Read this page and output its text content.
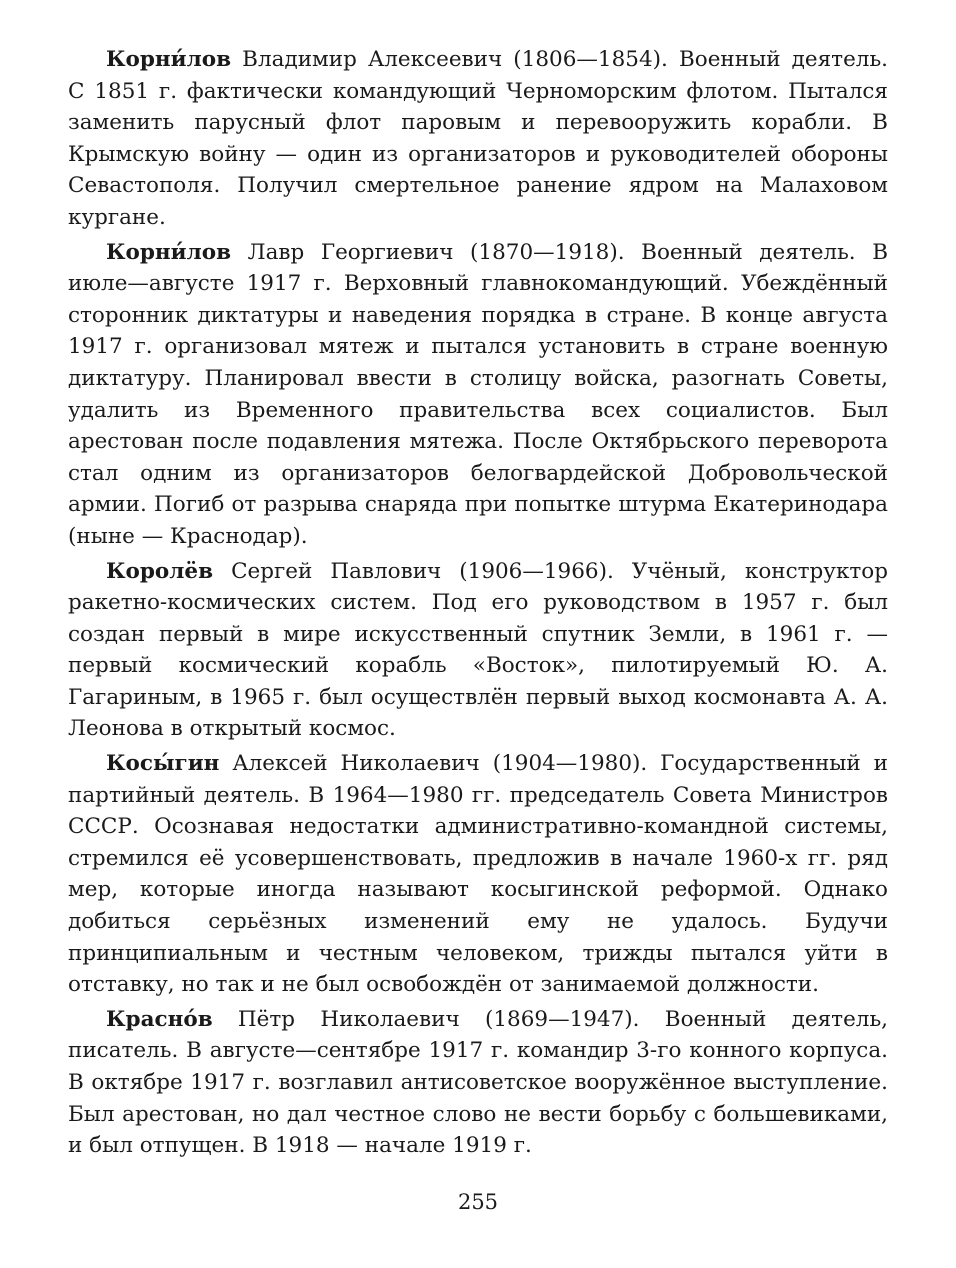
Корни́лов Владимир Алексеевич (1806—1854). Военный деятель. С 1851 г. фактически командующий Черноморским флотом. Пытался заменить парусный флот паровым и перевооружить корабли. В Крымскую войну — один из организаторов и руководителей обороны Севастополя. Получил смертельное ранение ядром на Малаховом кургане.

Корни́лов Лавр Георгиевич (1870—1918). Военный деятель. В июле—августе 1917 г. Верховный главнокомандующий. Убеждённый сторонник диктатуры и наведения порядка в стране. В конце августа 1917 г. организовал мятеж и пытался установить в стране военную диктатуру. Планировал ввести в столицу войска, разогнать Советы, удалить из Временного правительства всех социалистов. Был арестован после подавления мятежа. После Октябрьского переворота стал одним из организаторов белогвардейской Добровольческой армии. Погиб от разрыва снаряда при попытке штурма Екатеринодара (ныне — Краснодар).

Королёв Сергей Павлович (1906—1966). Учёный, конструктор ракетно-космических систем. Под его руководством в 1957 г. был создан первый в мире искусственный спутник Земли, в 1961 г. — первый космический корабль «Восток», пилотируемый Ю. А. Гагариным, в 1965 г. был осуществлён первый выход космонавта А. А. Леонова в открытый космос.

Косы́гин Алексей Николаевич (1904—1980). Государственный и партийный деятель. В 1964—1980 гг. председатель Совета Министров СССР. Осознавая недостатки административно-командной системы, стремился её усовершенствовать, предложив в начале 1960-х гг. ряд мер, которые иногда называют косыгинской реформой. Однако добиться серьёзных изменений ему не удалось. Будучи принципиальным и честным человеком, трижды пытался уйти в отставку, но так и не был освобождён от занимаемой должности.

Красно́в Пётр Николаевич (1869—1947). Военный деятель, писатель. В августе—сентябре 1917 г. командир 3-го конного корпуса. В октябре 1917 г. возглавил антисоветское вооружённое выступление. Был арестован, но дал честное слово не вести борьбу с большевиками, и был отпущен. В 1918 — начале 1919 г.

255
